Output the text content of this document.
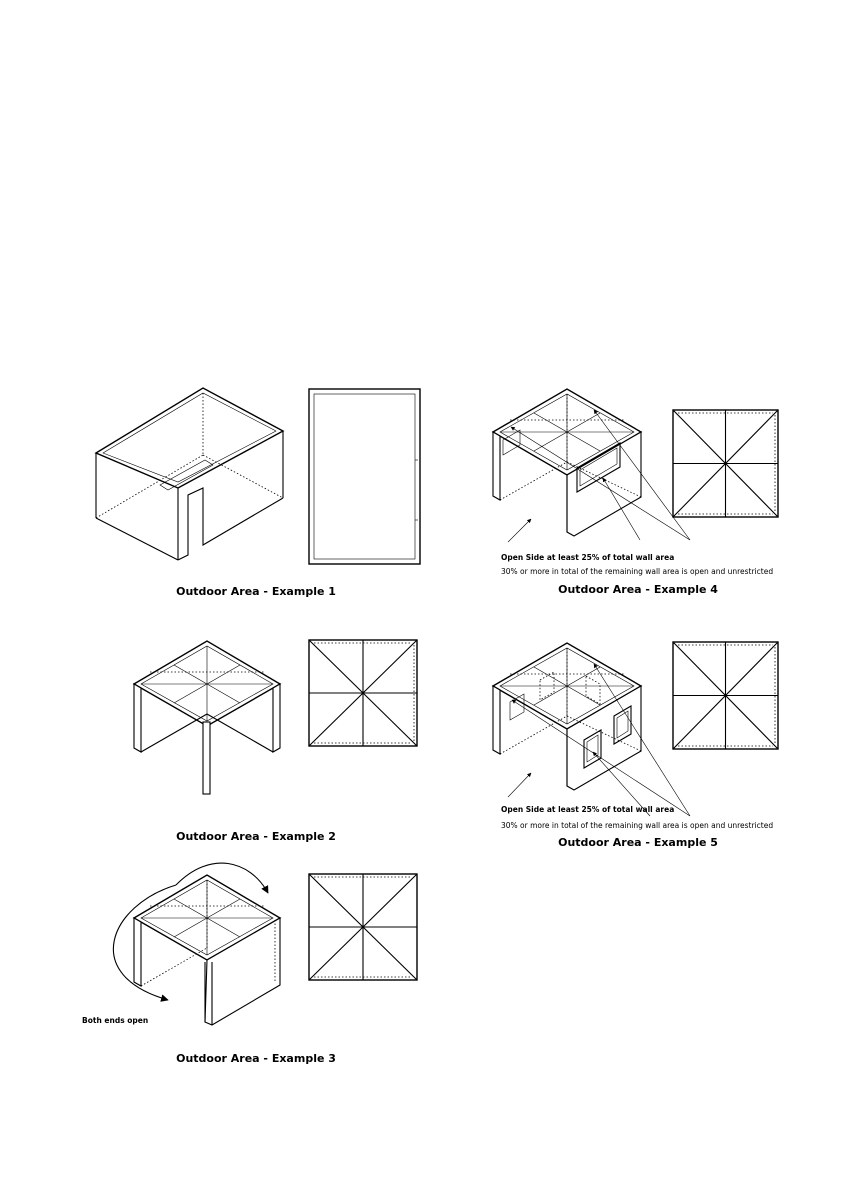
Outdoor Area - Example 1
Open Side at least 25% of total wall area
30% or more in total of the remaining wall area is open and unrestricted
Outdoor Area - Example 4
Outdoor Area - Example 2
Open Side at least 25% of total wall area
30% or more in total of the remaining wall area is open and unrestricted
Outdoor Area - Example 5
Both ends open
Outdoor Area - Example 3
